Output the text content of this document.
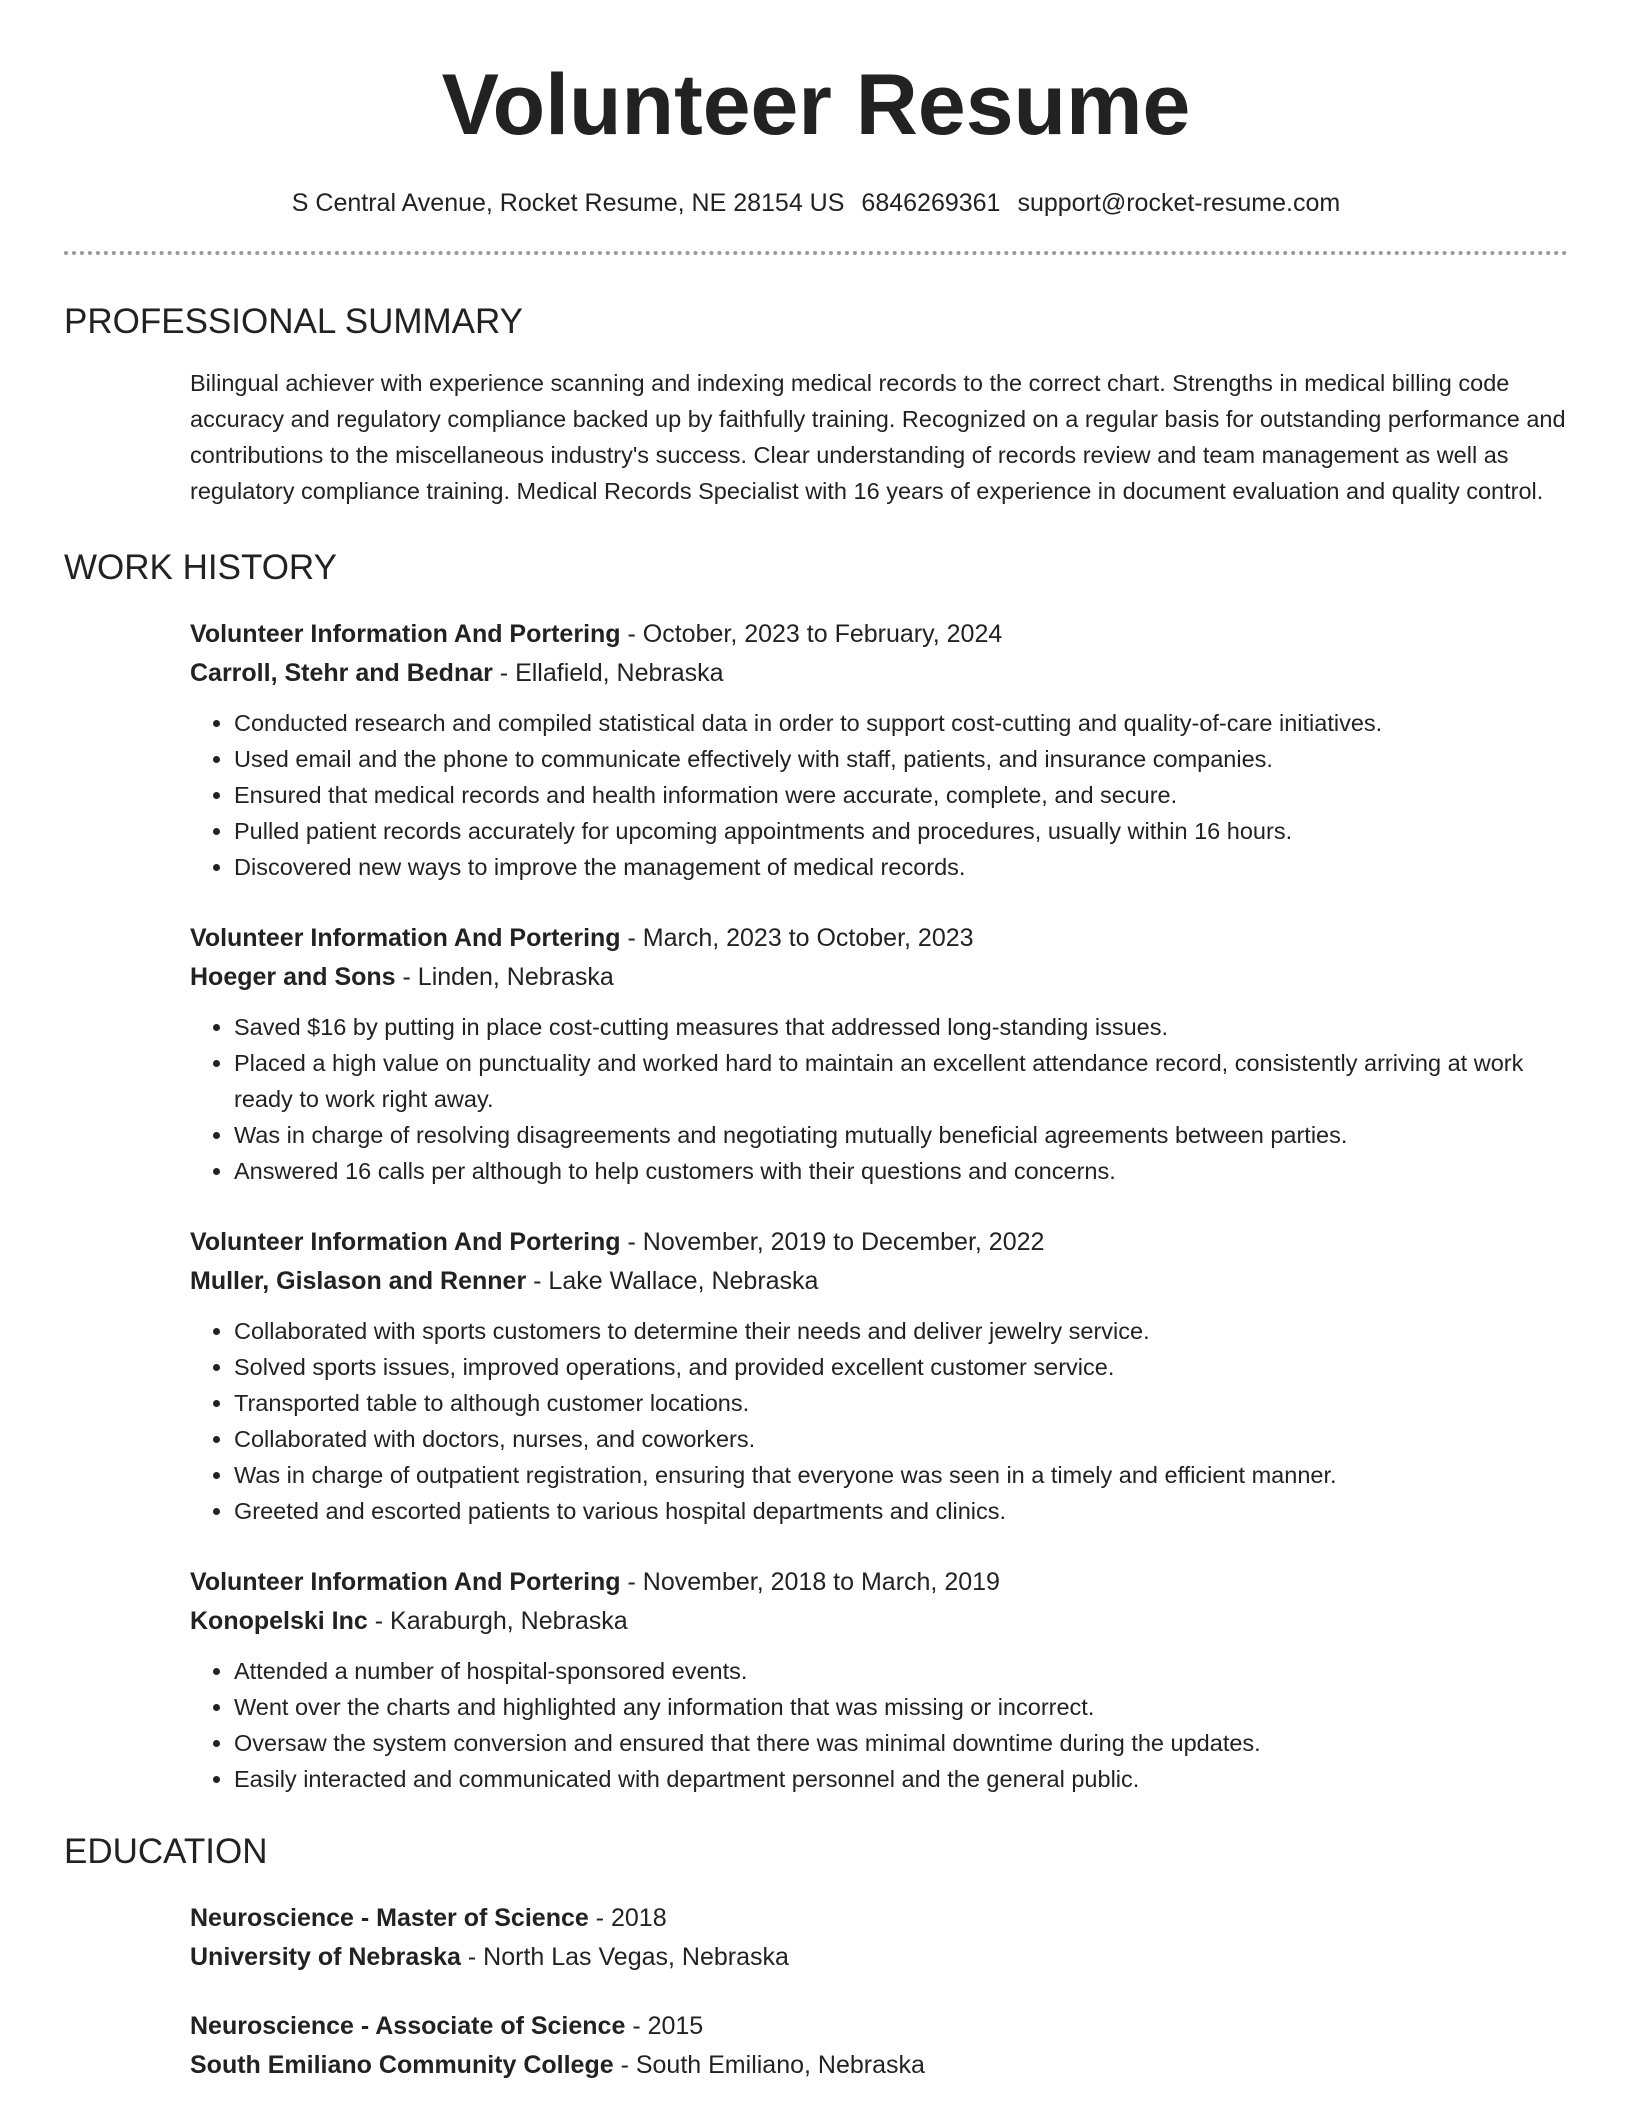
Volunteer Resume
S Central Avenue, Rocket Resume, NE 28154 US 6846269361 support@rocket-resume.com
PROFESSIONAL SUMMARY

Bilingual achiever with experience scanning and indexing medical records to the correct chart. Strengths in medical billing code accuracy and regulatory compliance backed up by faithfully training. Recognized on a regular basis for outstanding performance and contributions to the miscellaneous industry's success. Clear understanding of records review and team management as well as regulatory compliance training. Medical Records Specialist with 16 years of experience in document evaluation and quality control.

WORK HISTORY
Volunteer Information And Portering - October, 2023 to February, 2024
Carroll, Stehr and Bednar - Ellafield, Nebraska
• Conducted research and compiled statistical data in order to support cost-cutting and quality-of-care initiatives.
• Used email and the phone to communicate effectively with staff, patients, and insurance companies.
• Ensured that medical records and health information were accurate, complete, and secure.
• Pulled patient records accurately for upcoming appointments and procedures, usually within 16 hours.
• Discovered new ways to improve the management of medical records.
Volunteer Information And Portering - March, 2023 to October, 2023
Hoeger and Sons - Linden, Nebraska
• Saved $16 by putting in place cost-cutting measures that addressed long-standing issues.
• Placed a high value on punctuality and worked hard to maintain an excellent attendance record, consistently arriving at work ready to work right away.
• Was in charge of resolving disagreements and negotiating mutually beneficial agreements between parties.
• Answered 16 calls per although to help customers with their questions and concerns.
Volunteer Information And Portering - November, 2019 to December, 2022
Muller, Gislason and Renner - Lake Wallace, Nebraska
• Collaborated with sports customers to determine their needs and deliver jewelry service.
• Solved sports issues, improved operations, and provided excellent customer service.
• Transported table to although customer locations.
• Collaborated with doctors, nurses, and coworkers.
• Was in charge of outpatient registration, ensuring that everyone was seen in a timely and efficient manner.
• Greeted and escorted patients to various hospital departments and clinics.
Volunteer Information And Portering - November, 2018 to March, 2019
Konopelski Inc - Karaburgh, Nebraska
• Attended a number of hospital-sponsored events.
• Went over the charts and highlighted any information that was missing or incorrect.
• Oversaw the system conversion and ensured that there was minimal downtime during the updates.
• Easily interacted and communicated with department personnel and the general public.
EDUCATION
Neuroscience - Master of Science - 2018
University of Nebraska - North Las Vegas, Nebraska
Neuroscience - Associate of Science - 2015
South Emiliano Community College - South Emiliano, Nebraska
